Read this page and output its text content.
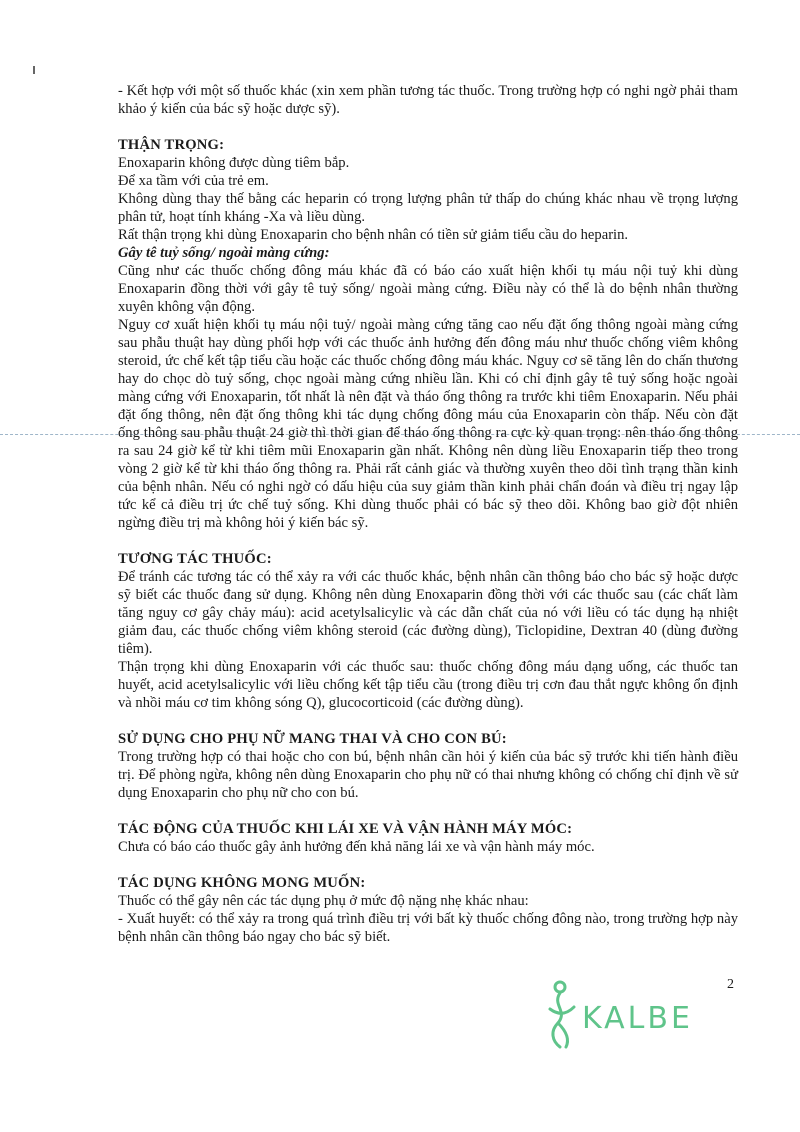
- Kết hợp với một số thuốc khác (xin xem phần tương tác thuốc. Trong trường hợp có nghi ngờ phải tham khảo ý kiến của bác sỹ hoặc dược sỹ).

THẬN TRỌNG:

Enoxaparin không được dùng tiêm bắp.

Để xa tầm với của trẻ em.

Không dùng thay thế bằng các heparin có trọng lượng phân tử thấp do chúng khác nhau về trọng lượng phân tử, hoạt tính kháng -Xa và liều dùng.

Rất thận trọng khi dùng Enoxaparin cho bệnh nhân có tiền sử giảm tiểu cầu do heparin.

Gây tê tuỷ sống/ ngoài màng cứng:

Cũng như các thuốc chống đông máu khác đã có báo cáo xuất hiện khối tụ máu nội tuỷ khi dùng Enoxaparin đồng thời với gây tê tuỷ sống/ ngoài màng cứng. Điều này có thể là do bệnh nhân thường xuyên không vận động.

Nguy cơ xuất hiện khối tụ máu nội tuỷ/ ngoài màng cứng tăng cao nếu đặt ống thông ngoài màng cứng sau phẫu thuật hay dùng phối hợp với các thuốc ảnh hưởng đến đông máu như thuốc chống viêm không steroid, ức chế kết tập tiểu cầu hoặc các thuốc chống đông máu khác. Nguy cơ sẽ tăng lên do chấn thương hay do chọc dò tuỷ sống, chọc ngoài màng cứng nhiều lần. Khi có chỉ định gây tê tuỷ sống hoặc ngoài màng cứng với Enoxaparin, tốt nhất là nên đặt và tháo ống thông ra trước khi tiêm Enoxaparin. Nếu phải đặt ống thông, nên đặt ống thông khi tác dụng chống đông máu của Enoxaparin còn thấp. Nếu còn đặt ống thông sau phẫu thuật 24 giờ thì thời gian để tháo ống thông ra cực kỳ quan trọng: nên tháo ống thông ra sau 24 giờ kể từ khi tiêm mũi Enoxaparin gần nhất. Không nên dùng liều Enoxaparin tiếp theo trong vòng 2 giờ kể từ khi tháo ống thông ra. Phải rất cảnh giác và thường xuyên theo dõi tình trạng thần kinh của bệnh nhân. Nếu có nghi ngờ có dấu hiệu của suy giảm thần kinh phải chẩn đoán và điều trị ngay lập tức kể cả điều trị ức chế tuỷ sống. Khi dùng thuốc phải có bác sỹ theo dõi. Không bao giờ đột nhiên ngừng điều trị mà không hỏi ý kiến bác sỹ.

TƯƠNG TÁC THUỐC:

Để tránh các tương tác có thể xảy ra với các thuốc khác, bệnh nhân cần thông báo cho bác sỹ hoặc dược sỹ biết các thuốc đang sử dụng. Không nên dùng Enoxaparin đồng thời với các thuốc sau (các chất làm tăng nguy cơ gây chảy máu): acid acetylsalicylic và các dẫn chất của nó với liều có tác dụng hạ nhiệt giảm đau, các thuốc chống viêm không steroid (các đường dùng), Ticlopidine, Dextran 40 (dùng đường tiêm).

Thận trọng khi dùng Enoxaparin với các thuốc sau: thuốc chống đông máu dạng uống, các thuốc tan huyết, acid acetylsalicylic với liều chống kết tập tiểu cầu (trong điều trị cơn đau thắt ngực không ổn định và nhồi máu cơ tim không sóng Q), glucocorticoid (các đường dùng).

SỬ DỤNG CHO PHỤ NỮ MANG THAI VÀ CHO CON BÚ:

Trong trường hợp có thai hoặc cho con bú, bệnh nhân cần hỏi ý kiến của bác sỹ trước khi tiến hành điều trị. Để phòng ngừa, không nên dùng Enoxaparin cho phụ nữ có thai nhưng không có chống chỉ định về sử dụng Enoxaparin cho phụ nữ cho con bú.

TÁC ĐỘNG CỦA THUỐC KHI LÁI XE VÀ VẬN HÀNH MÁY MÓC:

Chưa có báo cáo thuốc gây ảnh hưởng đến khả năng lái xe và vận hành máy móc.

TÁC DỤNG KHÔNG MONG MUỐN:

Thuốc có thể gây nên các tác dụng phụ ở mức độ nặng nhẹ khác nhau:

- Xuất huyết: có thể xảy ra trong quá trình điều trị với bất kỳ thuốc chống đông nào, trong trường hợp này bệnh nhân cần thông báo ngay cho bác sỹ biết.

2
KALBE
